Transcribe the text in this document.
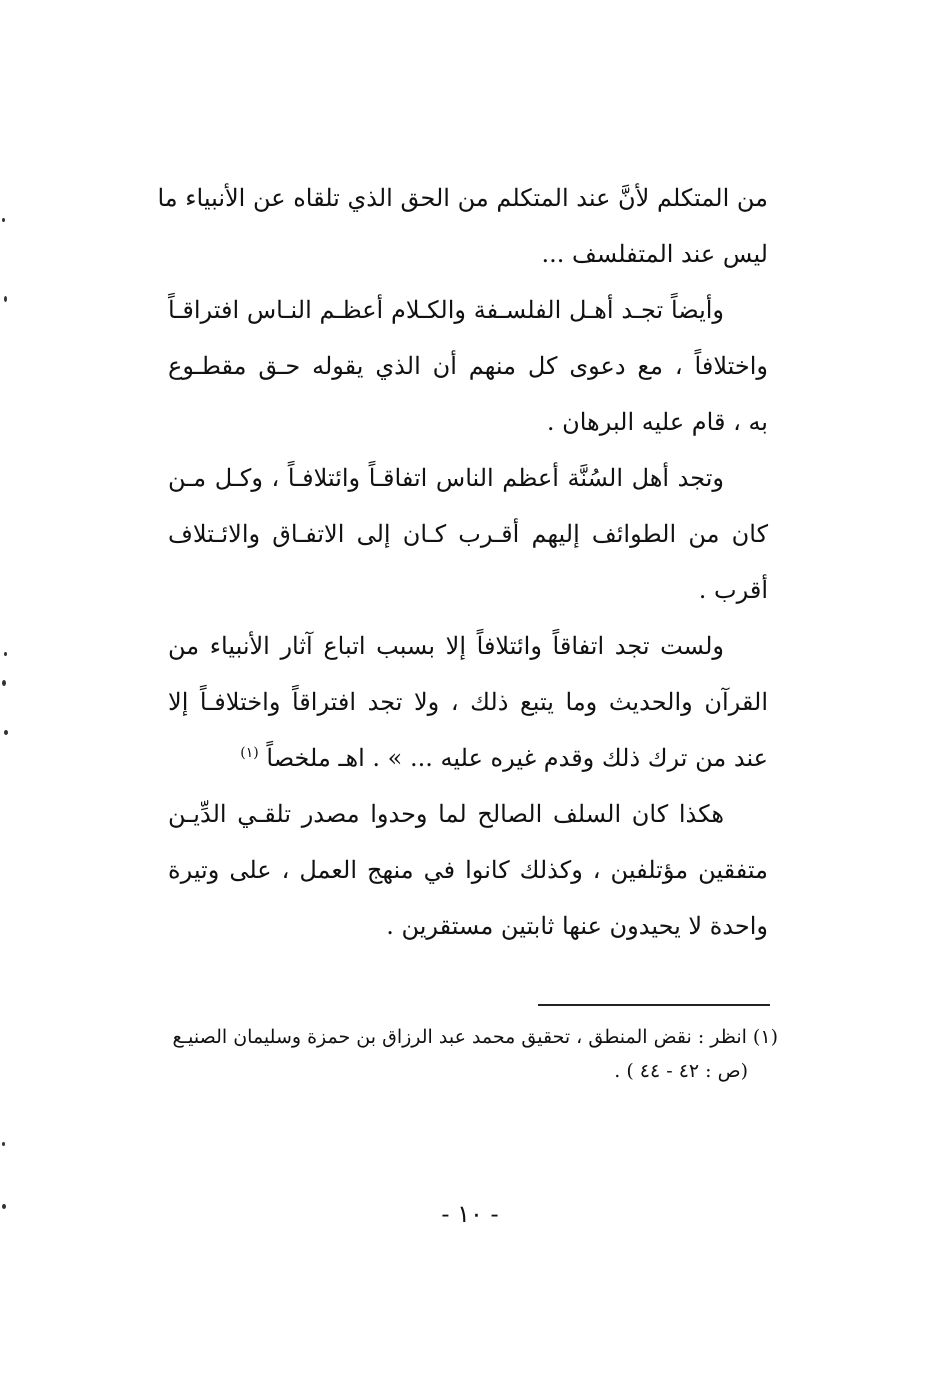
من المتكلم لأنَّ عند المتكلم من الحق الذي تلقاه عن الأنبياء ما
ليس عند المتفلسف ...
وأيضاً تجـد أهـل الفلسـفة والكـلام أعظـم النـاس افتراقـاً
واختلافاً ، مع دعوى كل منهم أن الذي يقوله حـق مقطـوع
به ، قام عليه البرهان .
وتجد أهل السُنَّة أعظم الناس اتفاقـاً وائتلافـاً ، وكـل مـن
كان من الطوائف إليهم أقـرب كـان إلى الاتفـاق والائـتلاف
أقرب .
ولست تجد اتفاقاً وائتلافاً إلا بسبب اتباع آثار الأنبياء من
القرآن والحديث وما يتبع ذلك ، ولا تجد افتراقاً واختلافـاً إلا
عند من ترك ذلك وقدم غيره عليه ... » . اهـ ملخصاً $^{(١)}$
هكذا كان السلف الصالح لما وحدوا مصدر تلقـي الدِّيـن
متفقين مؤتلفين ، وكذلك كانوا في منهج العمل ، على وتيرة
واحدة لا يحيدون عنها ثابتين مستقرين .
(١) انظر : نقض المنطق ، تحقيق محمد عبد الرزاق بن حمزة وسليمان الصنيـع
(ص : ٤٢ - ٤٤ ) .
- ١٠ -
